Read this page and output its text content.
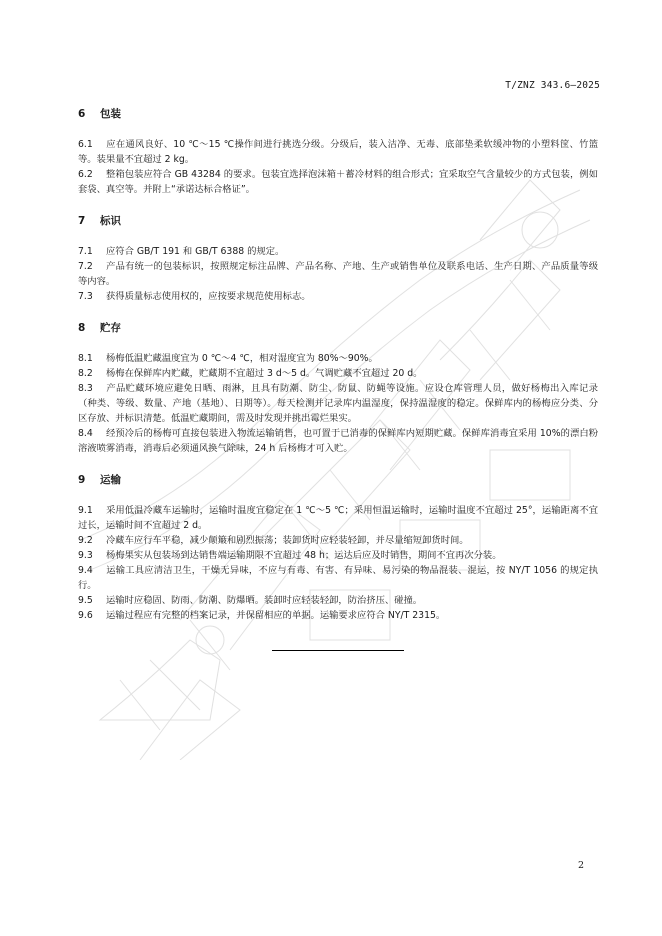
T/ZNZ 343.6—2025
6 包装

6.1 应在通风良好、10 ℃～15 ℃操作间进行挑选分级。分级后，装入洁净、无毒、底部垫柔软缓冲物的小塑料筐、竹篮等。装果量不宜超过 2 kg。

6.2 整箱包装应符合 GB 43284 的要求。包装宜选择泡沫箱＋蓄冷材料的组合形式；宜采取空气含量较少的方式包装，例如套袋、真空等。并附上“承诺达标合格证”。

7 标识

7.1 应符合 GB/T 191 和 GB/T 6388 的规定。

7.2 产品有统一的包装标识，按照规定标注品牌、产品名称、产地、生产或销售单位及联系电话、生产日期、产品质量等级等内容。

7.3 获得质量标志使用权的，应按要求规范使用标志。

8 贮存

8.1 杨梅低温贮藏温度宜为 0 ℃～4 ℃，相对湿度宜为 80%～90%。

8.2 杨梅在保鲜库内贮藏，贮藏期不宜超过 3 d～5 d。气调贮藏不宜超过 20 d。

8.3 产品贮藏环境应避免日晒、雨淋，且具有防潮、防尘、防鼠、防蝇等设施。应设仓库管理人员，做好杨梅出入库记录（种类、等级、数量、产地（基地）、日期等）。每天检测并记录库内温湿度，保持温湿度的稳定。保鲜库内的杨梅应分类、分区存放、并标识清楚。低温贮藏期间，需及时发现并挑出霉烂果实。

8.4 经预冷后的杨梅可直接包装进入物流运输销售，也可置于已消毒的保鲜库内短期贮藏。保鲜库消毒宜采用 10%的漂白粉溶液喷雾消毒，消毒后必须通风换气除味，24 h 后杨梅才可入贮。

9 运输

9.1 采用低温冷藏车运输时，运输时温度宜稳定在 1 ℃～5 ℃；采用恒温运输时，运输时温度不宜超过 25°，运输距离不宜过长，运输时间不宜超过 2 d。

9.2 冷藏车应行车平稳，减少颠簸和剧烈振荡；装卸货时应轻装轻卸，并尽量缩短卸货时间。

9.3 杨梅果实从包装场到达销售端运输期限不宜超过 48 h；运达后应及时销售，期间不宜再次分装。

9.4 运输工具应清洁卫生，干燥无异味，不应与有毒、有害、有异味、易污染的物品混装、混运，按 NY/T 1056 的规定执行。

9.5 运输时应稳固、防雨、防潮、防爆晒。装卸时应轻装轻卸，防治挤压、碰撞。

9.6 运输过程应有完整的档案记录，并保留相应的单据。运输要求应符合 NY/T 2315。

2
